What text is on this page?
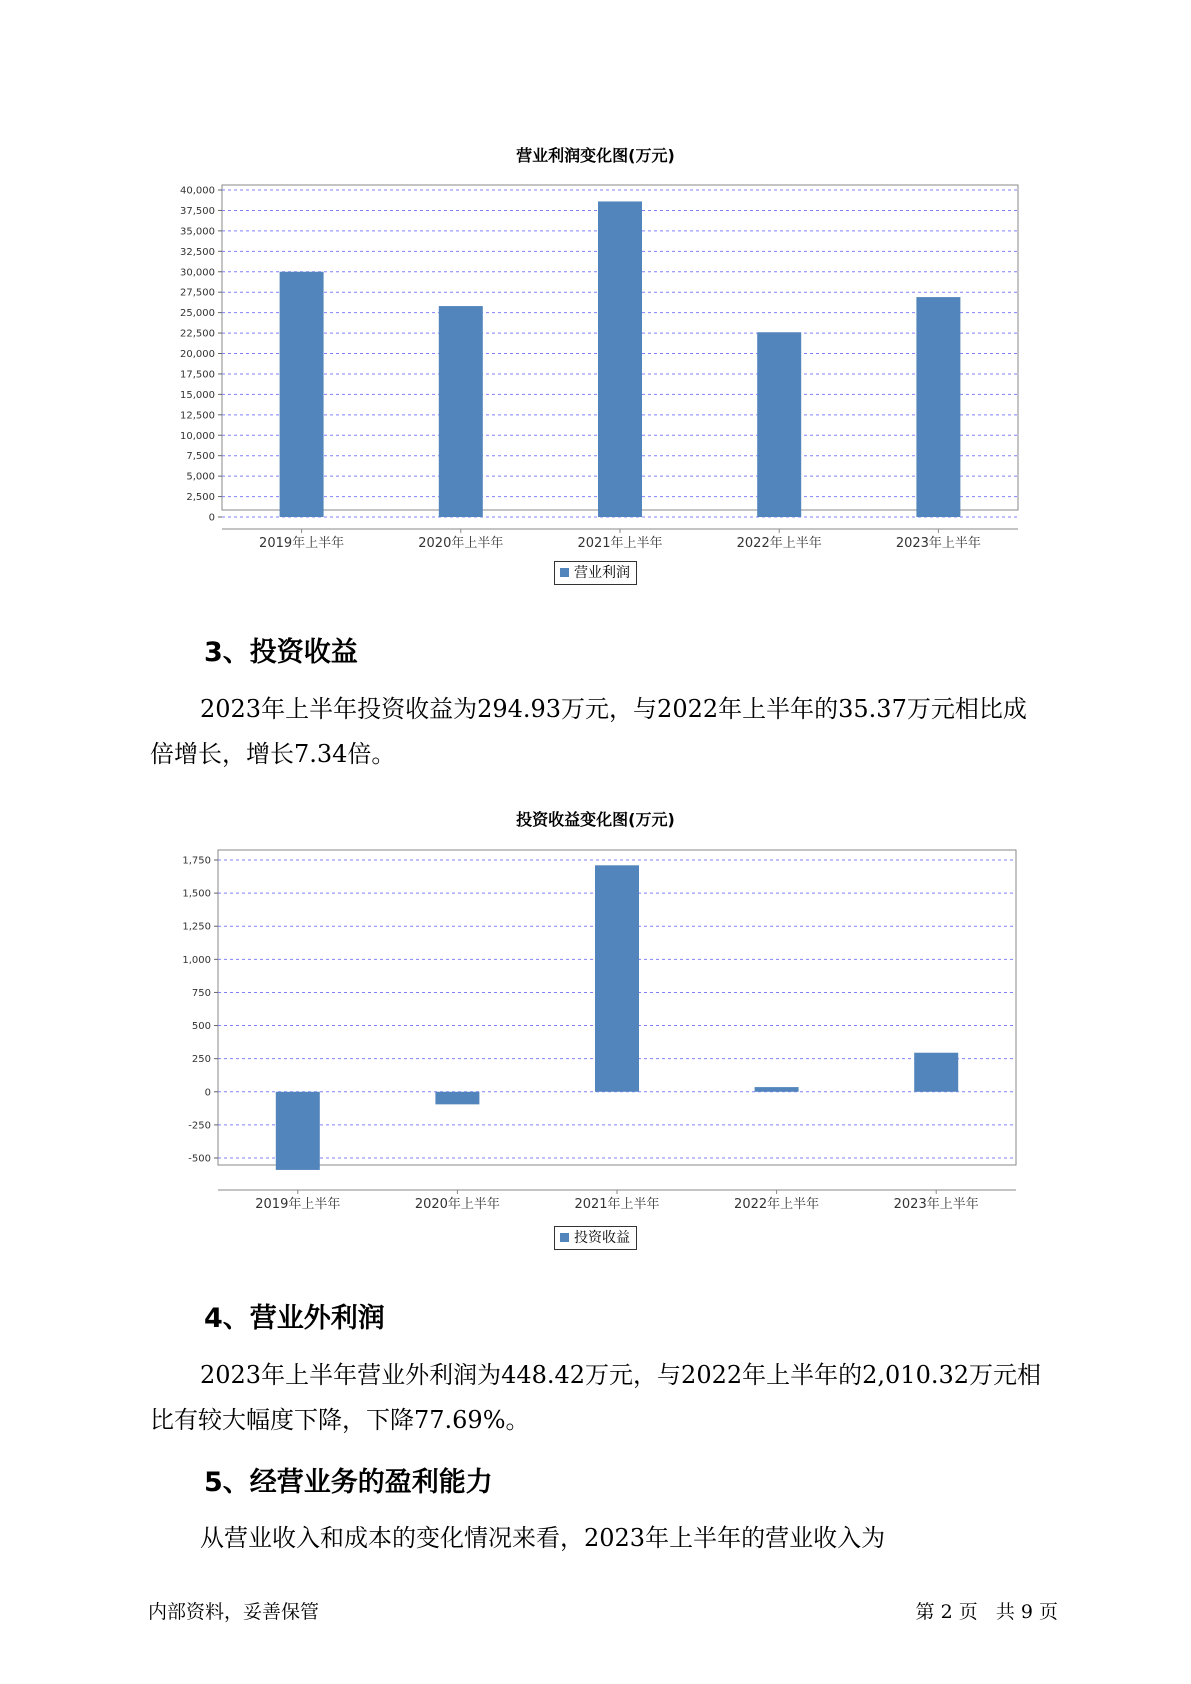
营业利润变化图(万元)
0
2,500
5,000
7,500
10,000
12,500
15,000
17,500
20,000
22,500
25,000
27,500
30,000
32,500
35,000
37,500
40,000
2019年上半年	2020年上半年	2021年上半年	2022年上半年	2023年上半年
营业利润
3、投资收益
2023年上半年投资收益为294.93万元，与2022年上半年的35.37万元相比成倍增长，增长7.34倍。
投资收益变化图(万元)
-500
-250
0
250
500
750
1,000
1,250
1,500
1,750
2019年上半年	2020年上半年	2021年上半年	2022年上半年	2023年上半年
投资收益
4、营业外利润
2023年上半年营业外利润为448.42万元，与2022年上半年的2,010.32万元相比有较大幅度下降，下降77.69%。
5、经营业务的盈利能力
从营业收入和成本的变化情况来看，2023年上半年的营业收入为
内部资料，妥善保管	第 2 页   共 9 页
